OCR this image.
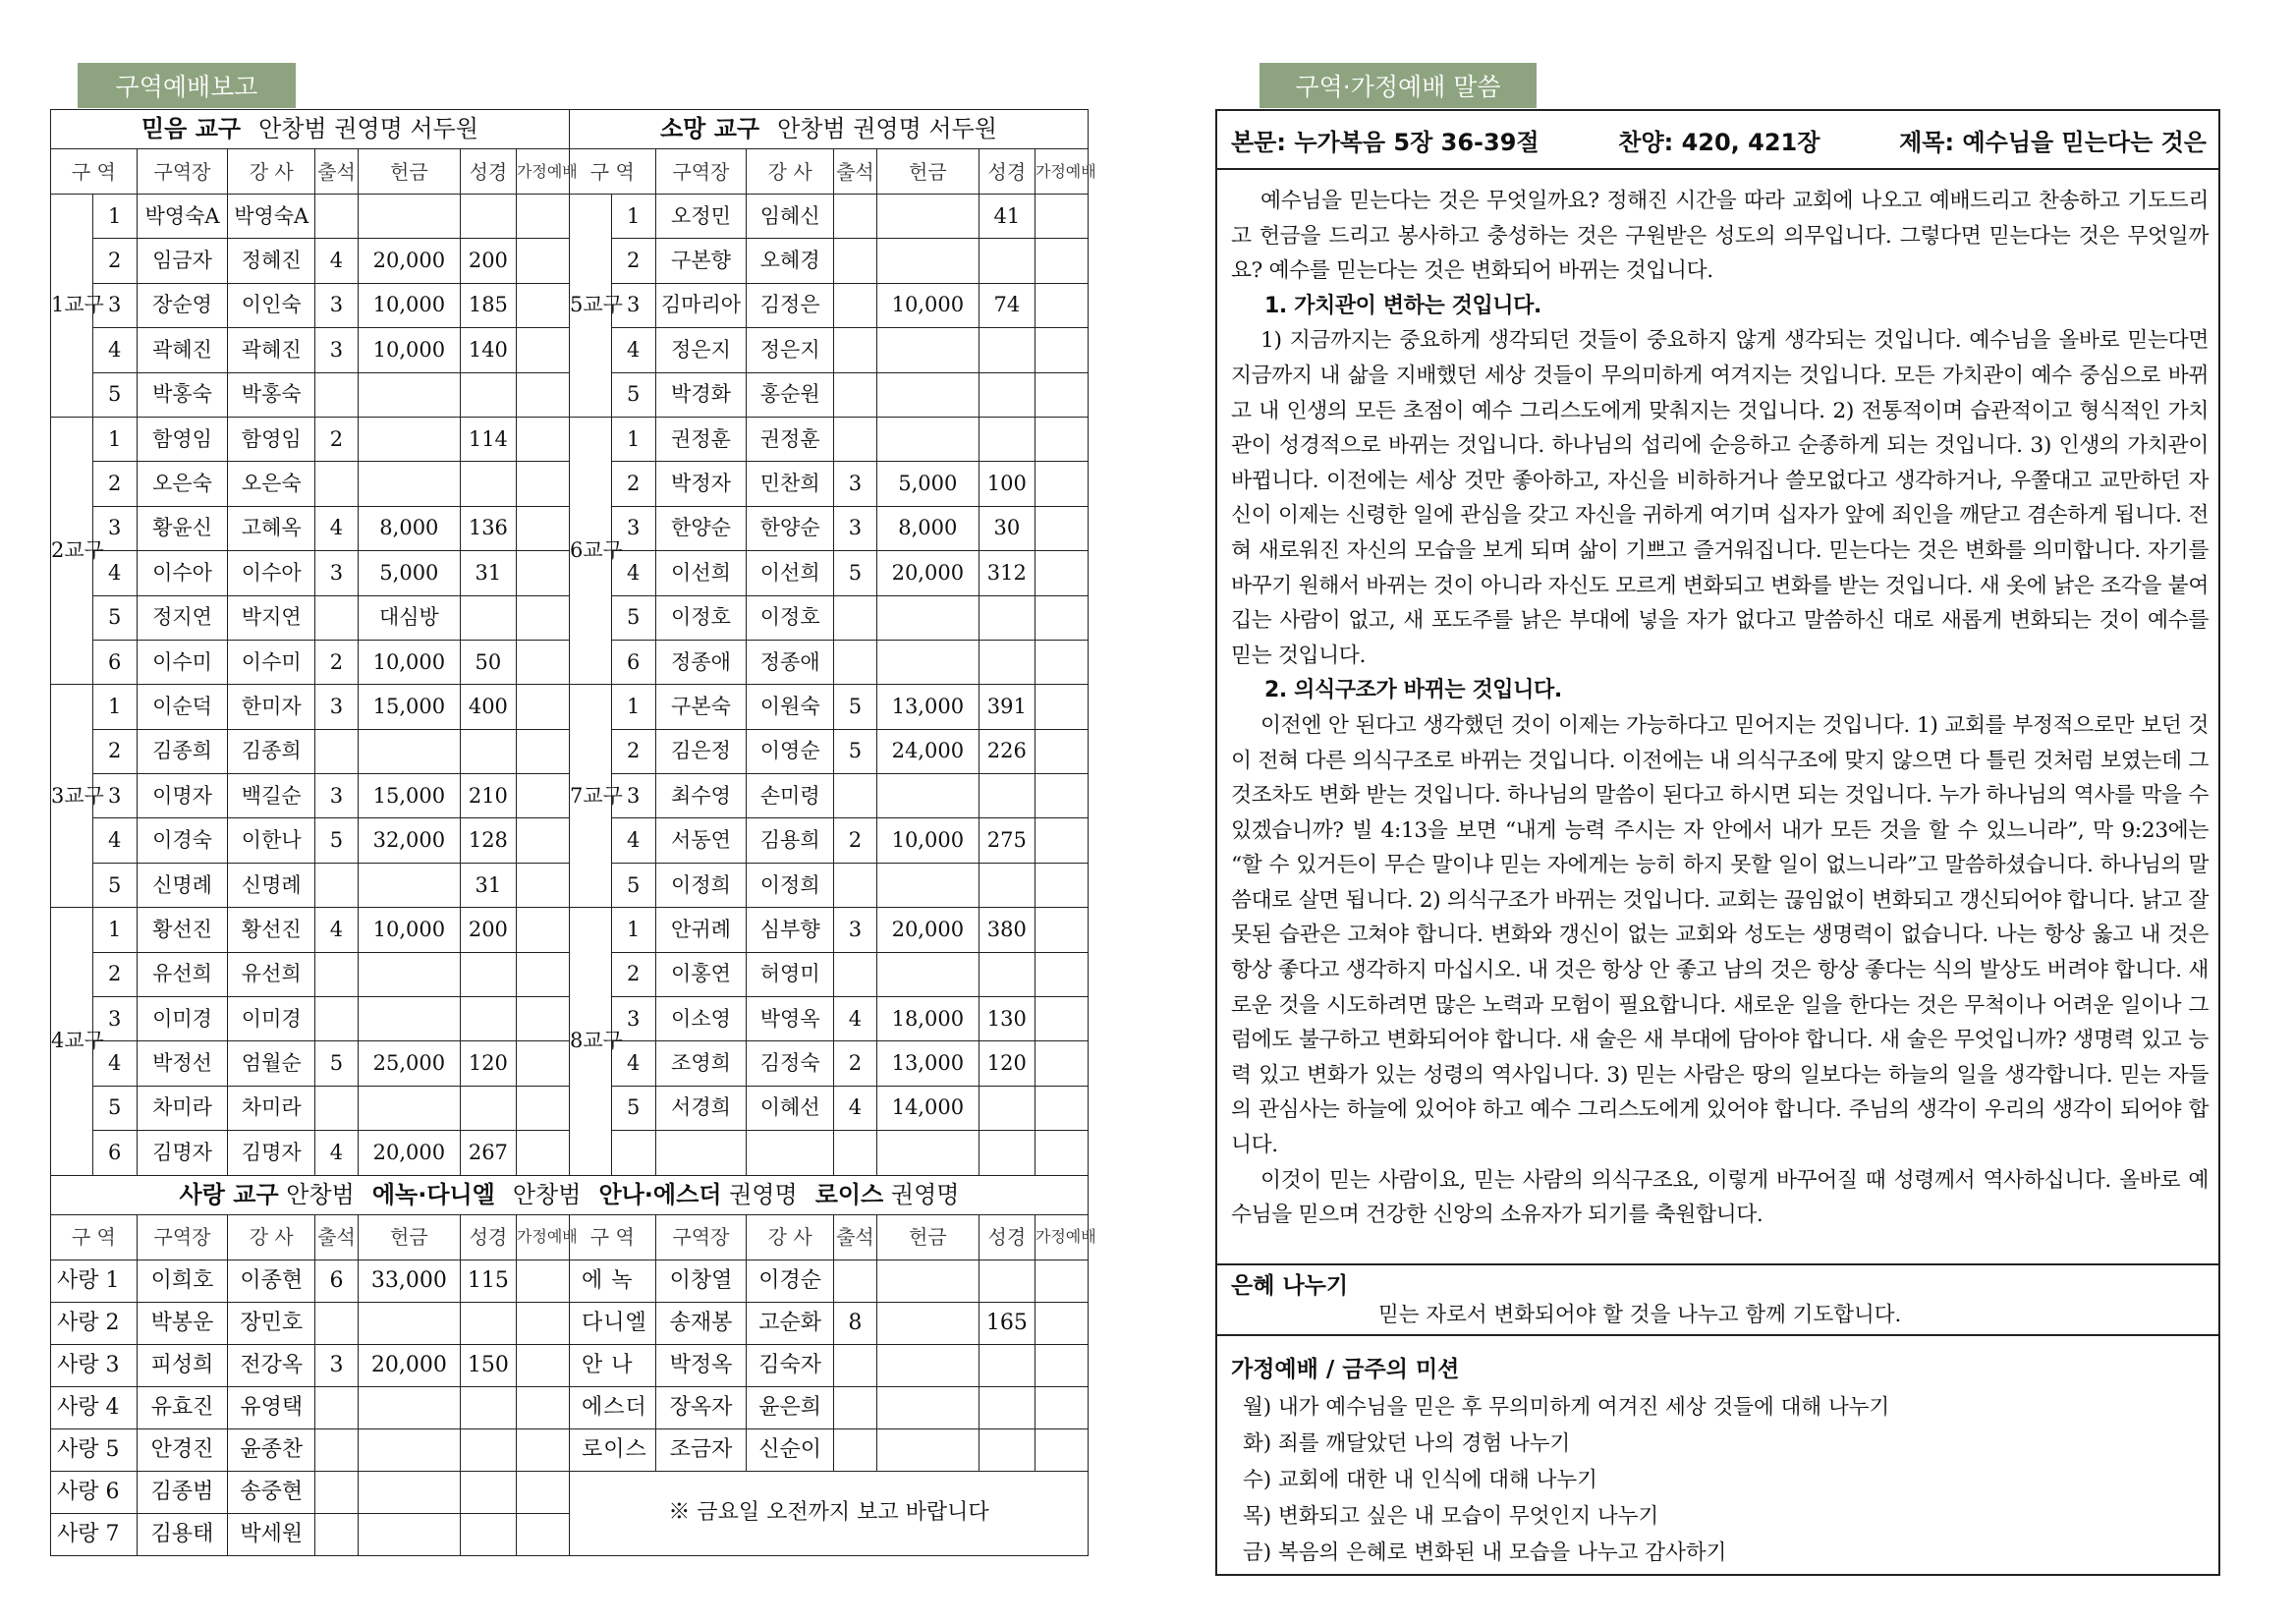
구역예배보고	구역·가정예배 말씀
믿음 교구 안창범 권영명 서두원								소망 교구 안창범 권영명 서두원							
구 역		구역장	강 사	출석	헌금	성경	가정예배	구 역		구역장	강 사	출석	헌금	성경	가정예배
1교구	1	박영숙A	박영숙A					5교구	1	오정민	임혜신			41	
	2	임금자	정혜진	4	20,000	200			2	구본향	오혜경				
	3	장순영	이인숙	3	10,000	185			3	김마리아	김정은		10,000	74	
	4	곽혜진	곽혜진	3	10,000	140			4	정은지	정은지				
	5	박홍숙	박홍숙						5	박경화	홍순원				
2교구	1	함영임	함영임	2		114		6교구	1	권정훈	권정훈				
	2	오은숙	오은숙						2	박정자	민찬희	3	5,000	100	
	3	황윤신	고혜옥	4	8,000	136			3	한양순	한양순	3	8,000	30	
	4	이수아	이수아	3	5,000	31			4	이선희	이선희	5	20,000	312	
	5	정지연	박지연		대심방				5	이정호	이정호				
	6	이수미	이수미	2	10,000	50			6	정종애	정종애				
3교구	1	이순덕	한미자	3	15,000	400		7교구	1	구본숙	이원숙	5	13,000	391	
	2	김종희	김종희						2	김은정	이영순	5	24,000	226	
	3	이명자	백길순	3	15,000	210			3	최수영	손미령				
	4	이경숙	이한나	5	32,000	128			4	서동연	김용희	2	10,000	275	
	5	신명례	신명례			31			5	이정희	이정희				
4교구	1	황선진	황선진	4	10,000	200		8교구	1	안귀례	심부향	3	20,000	380	
	2	유선희	유선희						2	이홍연	허영미				
	3	이미경	이미경						3	이소영	박영옥	4	18,000	130	
	4	박정선	엄월순	5	25,000	120			4	조영희	김정숙	2	13,000	120	
	5	차미라	차미라						5	서경희	이혜선	4	14,000		
	6	김명자	김명자	4	20,000	267									
사랑 교구 안창범 에녹·다니엘 안창범 안나·에스더 권영명 로이스 권영명															
구 역		구역장	강 사	출석	헌금	성경	가정예배	구 역		구역장	강 사	출석	헌금	성경	가정예배
사랑 1		이희호	이종현	6	33,000	115		에 녹		이창열	이경순				
사랑 2		박봉운	장민호					다니엘		송재봉	고순화	8		165	
사랑 3		피성희	전강옥	3	20,000	150		안 나		박정옥	김숙자				
사랑 4		유효진	유영택					에스더		장옥자	윤은희				
사랑 5		안경진	윤종찬					로이스		조금자	신순이				
사랑 6		김종범	송중현					※ 금요일 오전까지 보고 바랍니다							
사랑 7		김용태	박세원												
본문: 누가복음 5장 36-39절	찬양: 420, 421장	제목: 예수님을 믿는다는 것은

예수님을 믿는다는 것은 무엇일까요? 정해진 시간을 따라 교회에 나오고 예배드리고 찬송하고 기도드리고 헌금을 드리고 봉사하고 충성하는 것은 구원받은 성도의 의무입니다. 그렇다면 믿는다는 것은 무엇일까요? 예수를 믿는다는 것은 변화되어 바뀌는 것입니다.

1. 가치관이 변하는 것입니다.

1) 지금까지는 중요하게 생각되던 것들이 중요하지 않게 생각되는 것입니다. 예수님을 올바로 믿는다면 지금까지 내 삶을 지배했던 세상 것들이 무의미하게 여겨지는 것입니다. 모든 가치관이 예수 중심으로 바뀌고 내 인생의 모든 초점이 예수 그리스도에게 맞춰지는 것입니다. 2) 전통적이며 습관적이고 형식적인 가치관이 성경적으로 바뀌는 것입니다. 하나님의 섭리에 순응하고 순종하게 되는 것입니다. 3) 인생의 가치관이 바뀝니다. 이전에는 세상 것만 좋아하고, 자신을 비하하거나 쓸모없다고 생각하거나, 우쭐대고 교만하던 자신이 이제는 신령한 일에 관심을 갖고 자신을 귀하게 여기며 십자가 앞에 죄인을 깨닫고 겸손하게 됩니다. 전혀 새로워진 자신의 모습을 보게 되며 삶이 기쁘고 즐거워집니다. 믿는다는 것은 변화를 의미합니다. 자기를 바꾸기 원해서 바뀌는 것이 아니라 자신도 모르게 변화되고 변화를 받는 것입니다. 새 옷에 낡은 조각을 붙여 깁는 사람이 없고, 새 포도주를 낡은 부대에 넣을 자가 없다고 말씀하신 대로 새롭게 변화되는 것이 예수를 믿는 것입니다.

2. 의식구조가 바뀌는 것입니다.

이전엔 안 된다고 생각했던 것이 이제는 가능하다고 믿어지는 것입니다. 1) 교회를 부정적으로만 보던 것이 전혀 다른 의식구조로 바뀌는 것입니다. 이전에는 내 의식구조에 맞지 않으면 다 틀린 것처럼 보였는데 그것조차도 변화 받는 것입니다. 하나님의 말씀이 된다고 하시면 되는 것입니다. 누가 하나님의 역사를 막을 수 있겠습니까? 빌 4:13을 보면 “내게 능력 주시는 자 안에서 내가 모든 것을 할 수 있느니라”, 막 9:23에는 “할 수 있거든이 무슨 말이냐 믿는 자에게는 능히 하지 못할 일이 없느니라”고 말씀하셨습니다. 하나님의 말씀대로 살면 됩니다. 2) 의식구조가 바뀌는 것입니다. 교회는 끊임없이 변화되고 갱신되어야 합니다. 낡고 잘못된 습관은 고쳐야 합니다. 변화와 갱신이 없는 교회와 성도는 생명력이 없습니다. 나는 항상 옳고 내 것은 항상 좋다고 생각하지 마십시오. 내 것은 항상 안 좋고 남의 것은 항상 좋다는 식의 발상도 버려야 합니다. 새로운 것을 시도하려면 많은 노력과 모험이 필요합니다. 새로운 일을 한다는 것은 무척이나 어려운 일이나 그럼에도 불구하고 변화되어야 합니다. 새 술은 새 부대에 담아야 합니다. 새 술은 무엇입니까? 생명력 있고 능력 있고 변화가 있는 성령의 역사입니다. 3) 믿는 사람은 땅의 일보다는 하늘의 일을 생각합니다. 믿는 자들의 관심사는 하늘에 있어야 하고 예수 그리스도에게 있어야 합니다. 주님의 생각이 우리의 생각이 되어야 합니다.

이것이 믿는 사람이요, 믿는 사람의 의식구조요, 이렇게 바꾸어질 때 성령께서 역사하십니다. 올바로 예수님을 믿으며 건강한 신앙의 소유자가 되기를 축원합니다.

은혜 나누기
믿는 자로서 변화되어야 할 것을 나누고 함께 기도합니다.
가정예배 / 금주의 미션
월) 내가 예수님을 믿은 후 무의미하게 여겨진 세상 것들에 대해 나누기
화) 죄를 깨달았던 나의 경험 나누기
수) 교회에 대한 내 인식에 대해 나누기
목) 변화되고 싶은 내 모습이 무엇인지 나누기
금) 복음의 은혜로 변화된 내 모습을 나누고 감사하기
